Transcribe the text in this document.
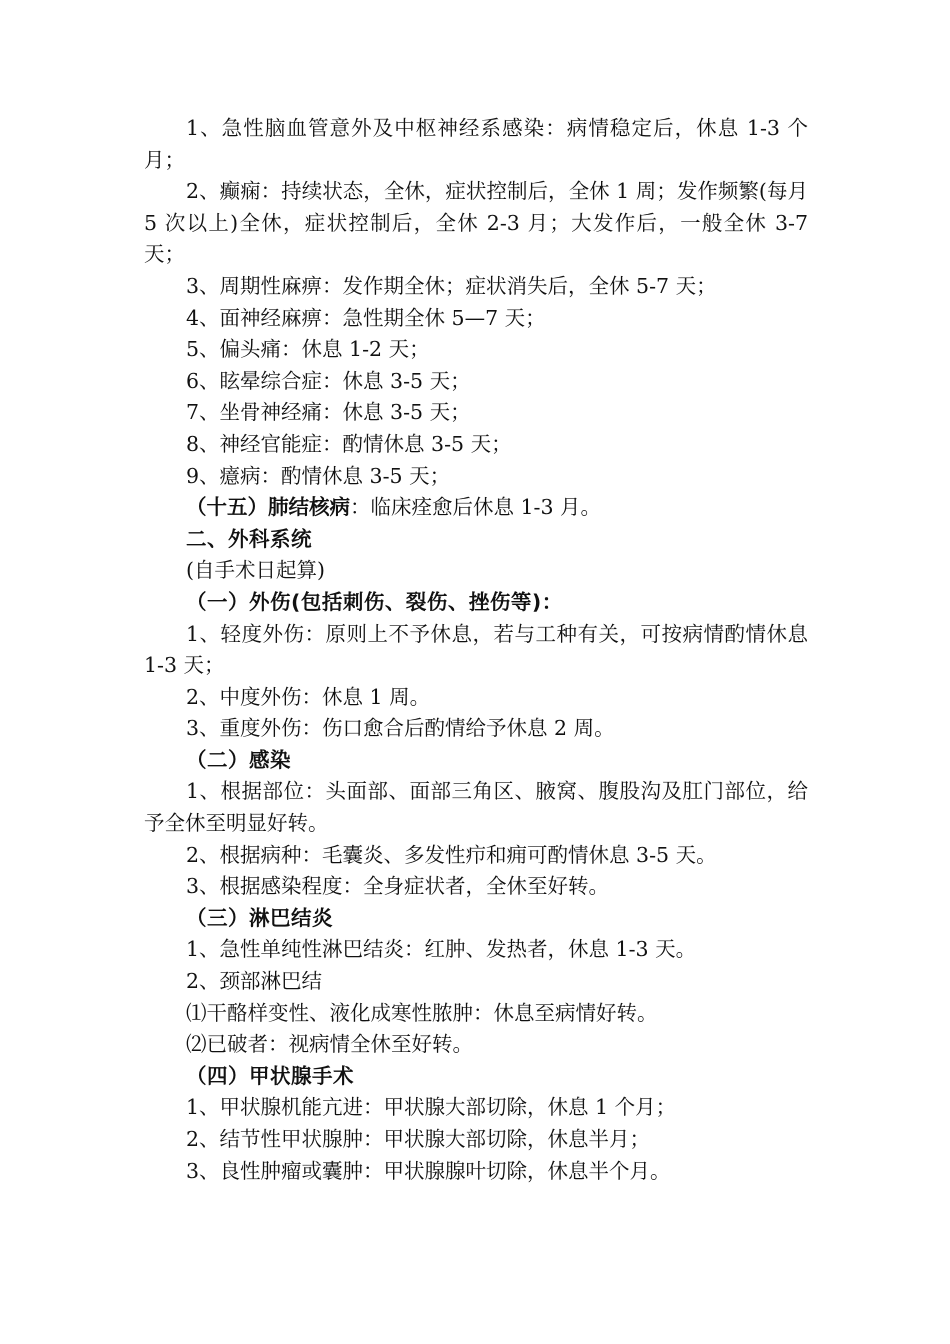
1、急性脑血管意外及中枢神经系感染：病情稳定后，休息 1-3 个月；

2、癫痫：持续状态，全休，症状控制后，全休 1 周；发作频繁(每月 5 次以上)全休，症状控制后，全休 2-3 月；大发作后，一般全休 3-7 天；

3、周期性麻痹：发作期全休；症状消失后，全休 5-7 天；

4、面神经麻痹：急性期全休 5—7 天；

5、偏头痛：休息 1-2 天；

6、眩晕综合症：休息 3-5 天；

7、坐骨神经痛：休息 3-5 天；

8、神经官能症：酌情休息 3-5 天；

9、癔病：酌情休息 3-5 天；

（十五）肺结核病：临床痊愈后休息 1-3 月。

二、外科系统

(自手术日起算)

（一）外伤(包括刺伤、裂伤、挫伤等)：

1、轻度外伤：原则上不予休息，若与工种有关，可按病情酌情休息 1-3 天；

2、中度外伤：休息 1 周。

3、重度外伤：伤口愈合后酌情给予休息 2 周。

（二）感染

1、根据部位：头面部、面部三角区、腋窝、腹股沟及肛门部位，给予全休至明显好转。

2、根据病种：毛囊炎、多发性疖和痈可酌情休息 3-5 天。

3、根据感染程度：全身症状者，全休至好转。

（三）淋巴结炎

1、急性单纯性淋巴结炎：红肿、发热者，休息 1-3 天。

2、颈部淋巴结

⑴干酪样变性、液化成寒性脓肿：休息至病情好转。

⑵已破者：视病情全休至好转。

（四）甲状腺手术

1、甲状腺机能亢进：甲状腺大部切除，休息 1 个月；

2、结节性甲状腺肿：甲状腺大部切除，休息半月；

3、良性肿瘤或囊肿：甲状腺腺叶切除，休息半个月。
